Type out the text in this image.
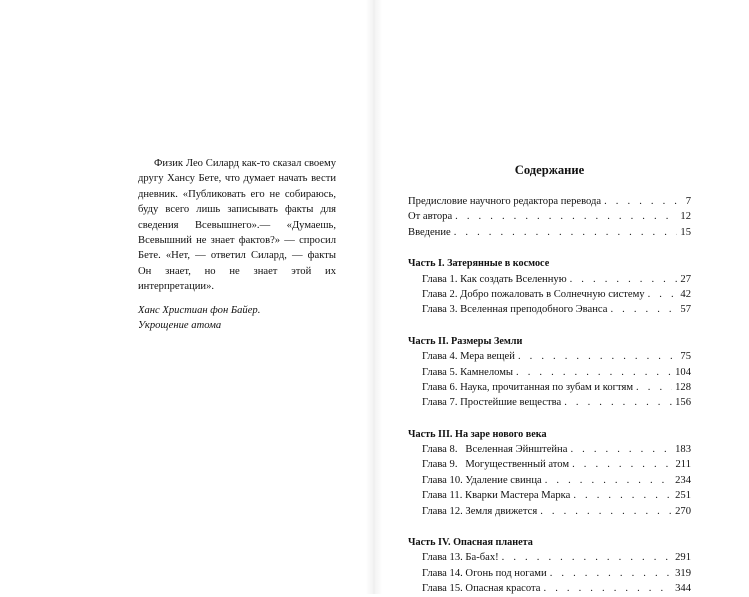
Физик Лео Силард как-то сказал своему другу Хансу Бете, что думает начать вести дневник. «Публиковать его не собираюсь, буду всего лишь записывать факты для сведения Всевышнего».— «Думаешь, Всевышний не знает фактов?» — спросил Бете. «Нет, — ответил Силард, — факты Он знает, но не знает этой их интерпретации».

Ханс Христиан фон Байер.
Укрощение атома
Содержание
Предисловие научного редактора перевода . . .	7
От автора . . .	12
Введение . . .	15
Часть I. Затерянные в космосе
Глава 1. Как создать Вселенную . . .	27
Глава 2. Добро пожаловать в Солнечную систему . . .	42
Глава 3. Вселенная преподобного Эванса . . .	57
Часть II. Размеры Земли
Глава 4. Мера вещей . . .	75
Глава 5. Камнеломы . . .	104
Глава 6. Наука, прочитанная по зубам и когтям . . .	128
Глава 7. Простейшие вещества . . .	156
Часть III. На заре нового века
Глава 8.   Вселенная Эйнштейна . . .	183
Глава 9.   Могущественный атом . . .	211
Глава 10. Удаление свинца . . .	234
Глава 11. Кварки Мастера Марка . . .	251
Глава 12. Земля движется . . .	270
Часть IV. Опасная планета
Глава 13. Ба-бах! . . .	291
Глава 14. Огонь под ногами . . .	319
Глава 15. Опасная красота . . .	344
